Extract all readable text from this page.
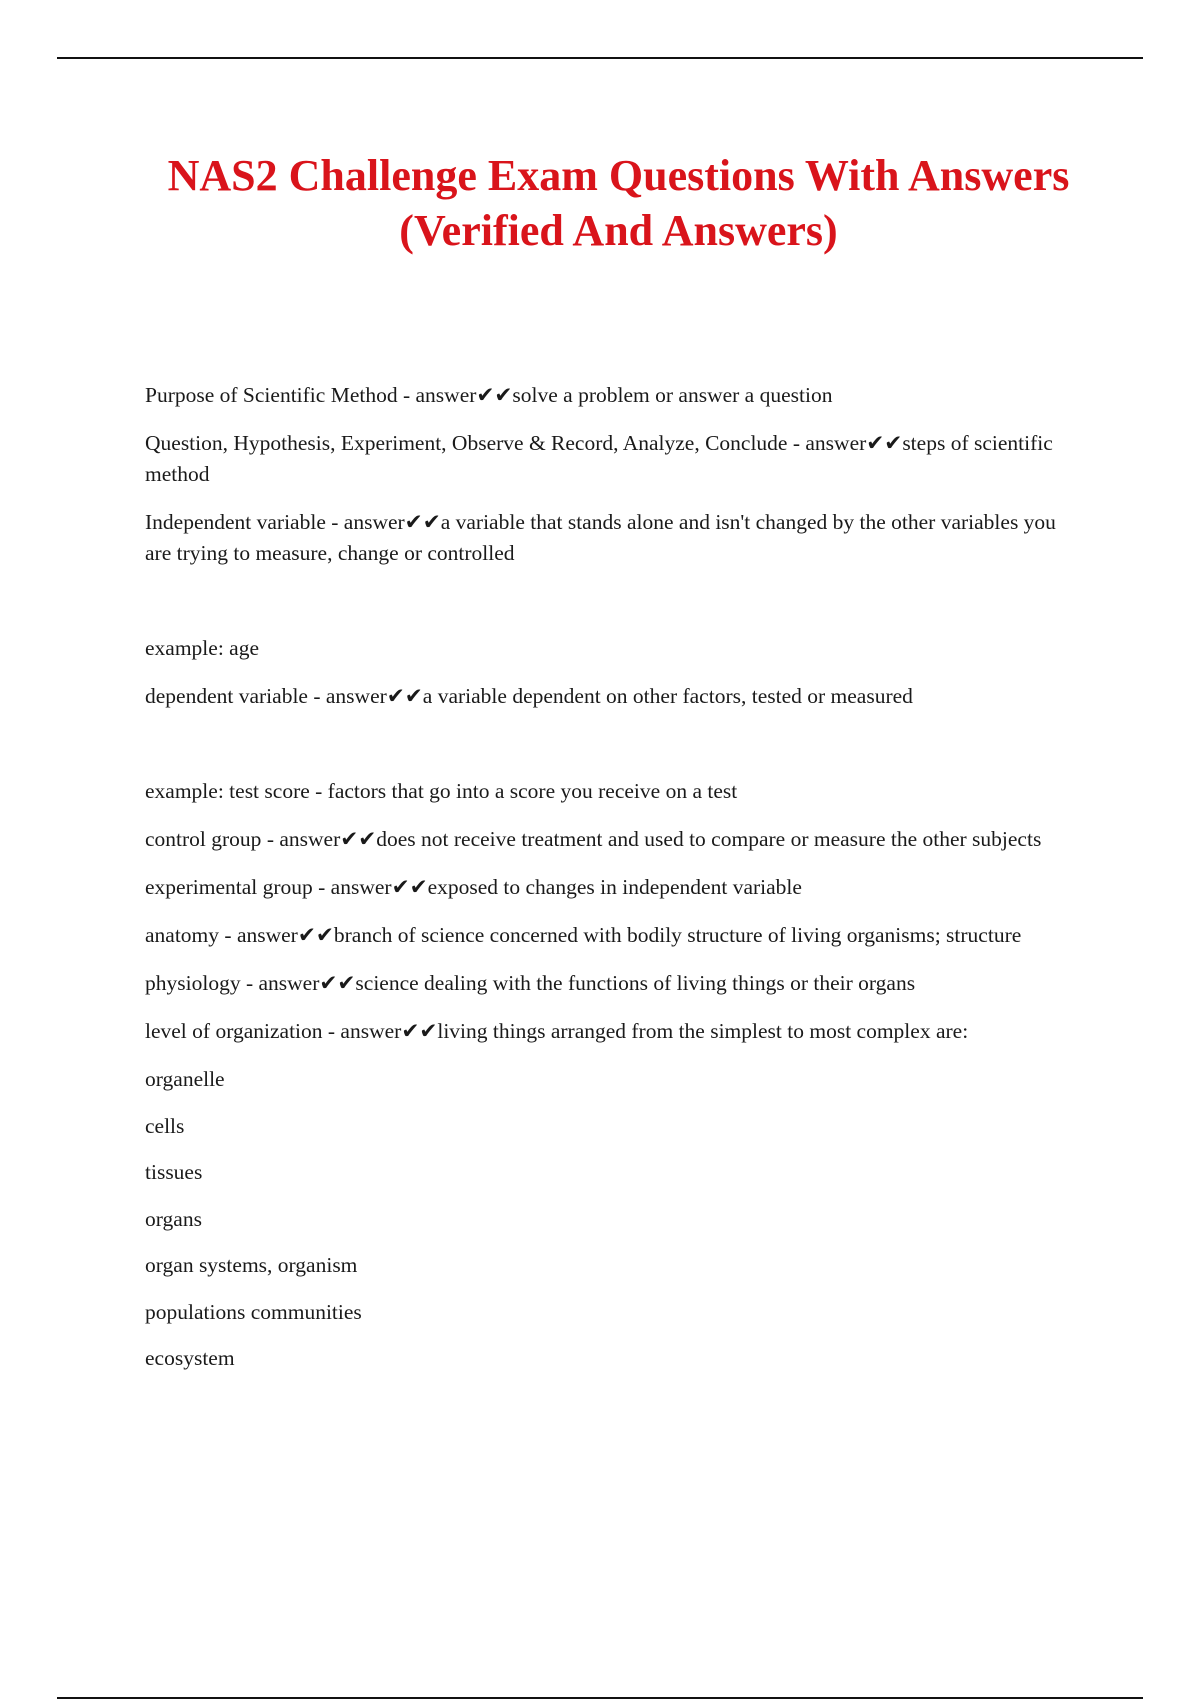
NAS2 Challenge Exam Questions With Answers (Verified And Answers)

Purpose of Scientific Method - answer✔✔solve a problem or answer a question

Question, Hypothesis, Experiment, Observe & Record, Analyze, Conclude - answer✔✔steps of scientific method

Independent variable - answer✔✔a variable that stands alone and isn't changed by the other variables you are trying to measure, change or controlled

example: age

dependent variable - answer✔✔a variable dependent on other factors, tested or measured

example: test score - factors that go into a score you receive on a test

control group - answer✔✔does not receive treatment and used to compare or measure the other subjects

experimental group - answer✔✔exposed to changes in independent variable

anatomy - answer✔✔branch of science concerned with bodily structure of living organisms; structure

physiology - answer✔✔science dealing with the functions of living things or their organs

level of organization - answer✔✔living things arranged from the simplest to most complex are:

organelle

cells

tissues

organs

organ systems, organism

populations communities

ecosystem
